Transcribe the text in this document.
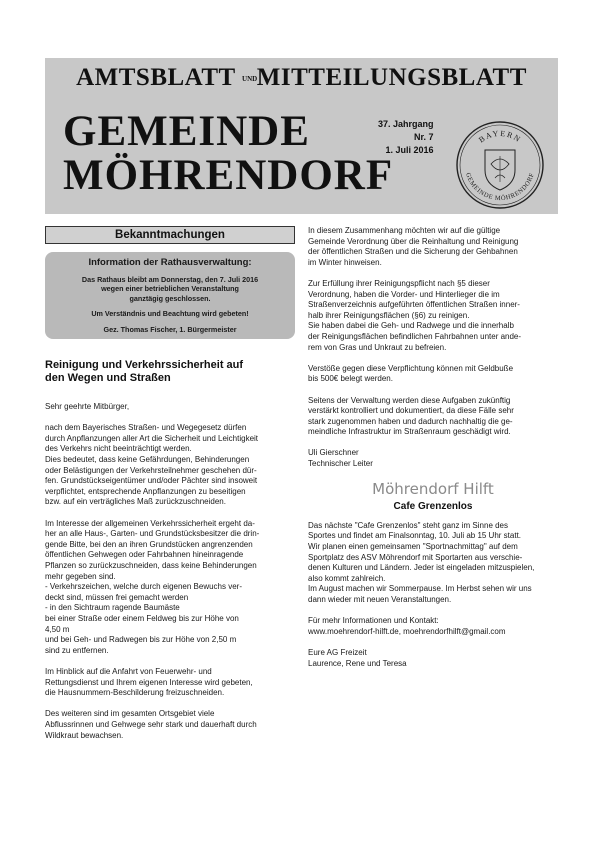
AMTSBLATT UND MITTEILUNGSBLATT
GEMEINDE
MÖHRENDORF
37. Jahrgang
Nr. 7
1. Juli 2016
BAYERN
GEMEINDE MÖHRENDORF
Bekanntmachungen
Information der Rathausverwaltung:
Das Rathaus bleibt am Donnerstag, den 7. Juli 2016
wegen einer betrieblichen Veranstaltung
ganztägig geschlossen.
Um Verständnis und Beachtung wird gebeten!
Gez. Thomas Fischer, 1. Bürgermeister
Reinigung und Verkehrssicherheit auf
den Wegen und Straßen

Sehr geehrte Mitbürger,

nach dem Bayerisches Straßen- und Wegegesetz dürfen
durch Anpflanzungen aller Art die Sicherheit und Leichtigkeit
des Verkehrs nicht beeinträchtigt werden.
Dies bedeutet, dass keine Gefährdungen, Behinderungen
oder Belästigungen der Verkehrsteilnehmer geschehen dür-
fen. Grundstückseigentümer und/oder Pächter sind insoweit
verpflichtet, entsprechende Anpflanzungen zu beseitigen
bzw. auf ein verträgliches Maß zurückzuschneiden.

Im Interesse der allgemeinen Verkehrssicherheit ergeht da-
her an alle Haus-, Garten- und Grundstücksbesitzer die drin-
gende Bitte, bei den an ihren Grundstücken angrenzenden
öffentlichen Gehwegen oder Fahrbahnen hineinragende
Pflanzen so zurückzuschneiden, dass keine Behinderungen
mehr gegeben sind.
- Verkehrszeichen, welche durch eigenen Bewuchs ver-
deckt sind, müssen frei gemacht werden
- in den Sichtraum ragende Baumäste
bei einer Straße oder einem Feldweg bis zur Höhe von
4,50 m
und bei Geh- und Radwegen bis zur Höhe von 2,50 m
sind zu entfernen.

Im Hinblick auf die Anfahrt von Feuerwehr- und
Rettungsdienst und Ihrem eigenen Interesse wird gebeten,
die Hausnummern-Beschilderung freizuschneiden.

Des weiteren sind im gesamten Ortsgebiet viele
Abflussrinnen und Gehwege sehr stark und dauerhaft durch
Wildkraut bewachsen.

In diesem Zusammenhang möchten wir auf die gültige
Gemeinde Verordnung über die Reinhaltung und Reinigung
der öffentlichen Straßen und die Sicherung der Gehbahnen
im Winter hinweisen.

Zur Erfüllung ihrer Reinigungspflicht nach §5 dieser
Verordnung, haben die Vorder- und Hinterlieger die im
Straßenverzeichnis aufgeführten öffentlichen Straßen inner-
halb ihrer Reinigungsflächen (§6) zu reinigen.
Sie haben dabei die Geh- und Radwege und die innerhalb
der Reinigungsflächen befindlichen Fahrbahnen unter ande-
rem von Gras und Unkraut zu befreien.

Verstöße gegen diese Verpflichtung können mit Geldbuße
bis 500€ belegt werden.

Seitens der Verwaltung werden diese Aufgaben zukünftig
verstärkt kontrolliert und dokumentiert, da diese Fälle sehr
stark zugenommen haben und dadurch nachhaltig die ge-
meindliche Infrastruktur im Straßenraum geschädigt wird.

Uli Gierschner
Technischer Leiter

Möhrendorf Hilft
Cafe Grenzenlos

Das nächste "Cafe Grenzenlos" steht ganz im Sinne des
Sportes und findet am Finalsonntag, 10. Juli ab 15 Uhr statt.
Wir planen einen gemeinsamen "Sportnachmittag" auf dem
Sportplatz des ASV Möhrendorf mit Sportarten aus verschie-
denen Kulturen und Ländern. Jeder ist eingeladen mitzuspielen,
also kommt zahlreich.
Im August machen wir Sommerpause. Im Herbst sehen wir uns
dann wieder mit neuen Veranstaltungen.

Für mehr Informationen und Kontakt:
www.moehrendorf-hilft.de, moehrendorfhilft@gmail.com

Eure AG Freizeit
Laurence, Rene und Teresa
